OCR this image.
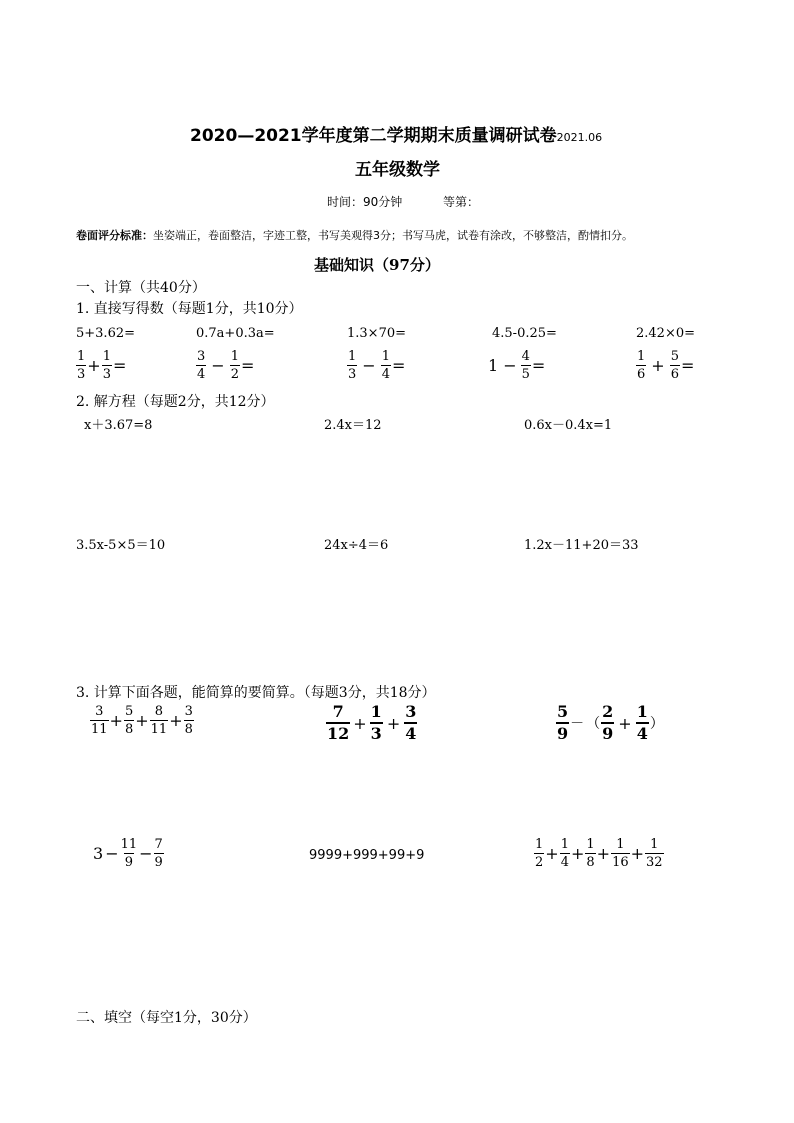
2020—2021学年度第二学期期末质量调研试卷2021.06
五年级数学
时间：90分钟	等第：
卷面评分标准：坐姿端正，卷面整洁，字迹工整，书写美观得3分；书写马虎，试卷有涂改，不够整洁，酌情扣分。
基础知识（97分）
一、计算（共40分）
1. 直接写得数（每题1分，共10分）
5+3.62=	0.7a+0.3a=	1.3×70=	4.5-0.25=	2.42×0=
$\frac{1}{3} + \frac{1}{3}$ =	$\frac{3}{4} - \frac{1}{2}$ =	$\frac{1}{3} - \frac{1}{4}$ =	$1 - \frac{4}{5}$ =	$\frac{1}{6} + \frac{5}{6}$ =
2. 解方程（每题2分，共12分）
x＋3.67=8	2.4x＝12	0.6x－0.4x=1
3.5x-5×5＝10	24x÷4＝6	1.2x－11+20＝33
3. 计算下面各题，能简算的要简算。（每题3分，共18分）
$\frac{3}{11} + \frac{5}{8} + \frac{8}{11} + \frac{3}{8}$	$\frac{7}{12} + \frac{1}{3} + \frac{3}{4}$	$\frac{5}{9}$ － （ $\frac{2}{9} + \frac{1}{4}$ ）
$3 - \frac{11}{9} - \frac{7}{9}$	9999+999+99+9	$\frac{1}{2} + \frac{1}{4} + \frac{1}{8} + \frac{1}{16} + \frac{1}{32}$
二、填空（每空1分，30分）
